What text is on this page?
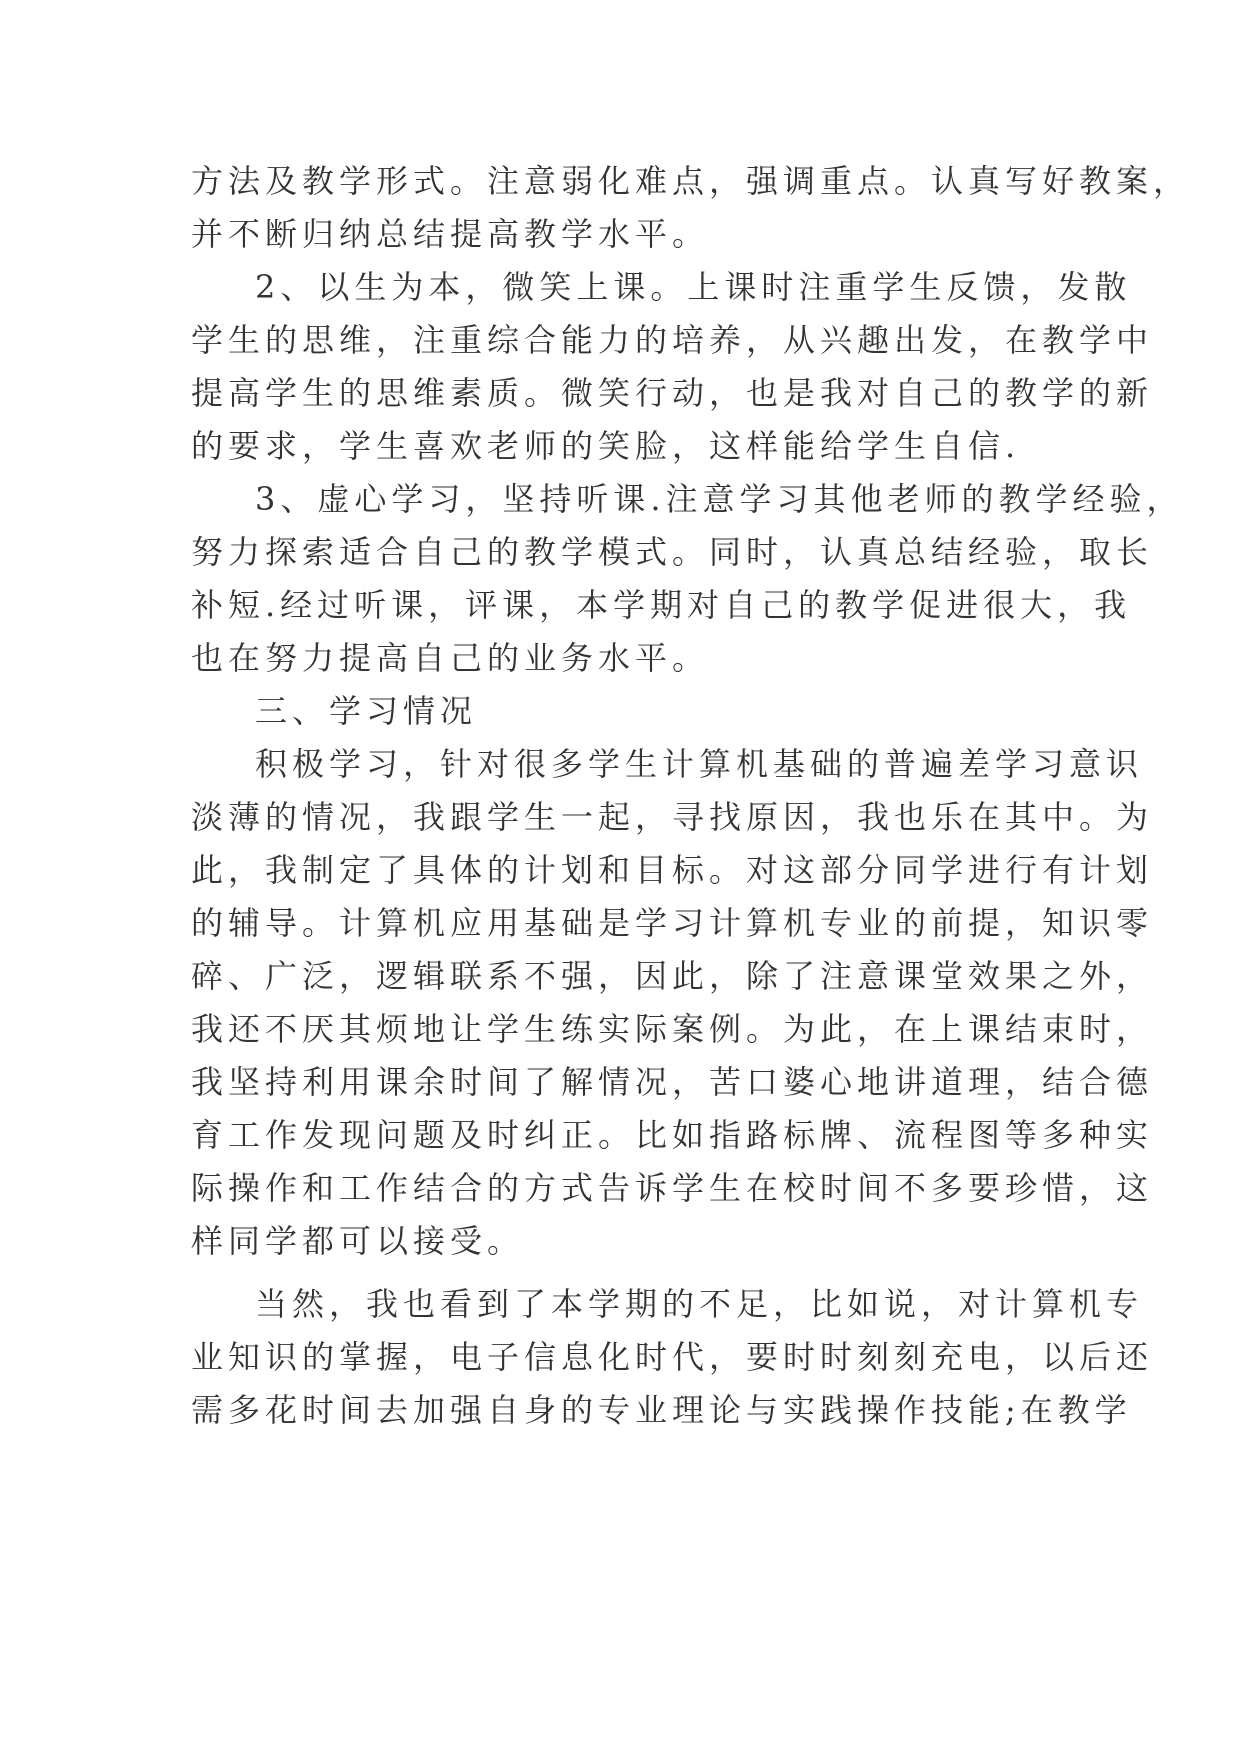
方法及教学形式。注意弱化难点，强调重点。认真写好教案，
并不断归纳总结提高教学水平。
2、以生为本，微笑上课。上课时注重学生反馈，发散
学生的思维，注重综合能力的培养，从兴趣出发，在教学中
提高学生的思维素质。微笑行动，也是我对自己的教学的新
的要求，学生喜欢老师的笑脸，这样能给学生自信.
3、虚心学习，坚持听课.注意学习其他老师的教学经验，
努力探索适合自己的教学模式。同时，认真总结经验，取长
补短.经过听课，评课，本学期对自己的教学促进很大，我
也在努力提高自己的业务水平。
三、学习情况
积极学习，针对很多学生计算机基础的普遍差学习意识
淡薄的情况，我跟学生一起，寻找原因，我也乐在其中。为
此，我制定了具体的计划和目标。对这部分同学进行有计划
的辅导。计算机应用基础是学习计算机专业的前提，知识零
碎、广泛，逻辑联系不强，因此，除了注意课堂效果之外，
我还不厌其烦地让学生练实际案例。为此，在上课结束时，
我坚持利用课余时间了解情况，苦口婆心地讲道理，结合德
育工作发现问题及时纠正。比如指路标牌、流程图等多种实
际操作和工作结合的方式告诉学生在校时间不多要珍惜，这
样同学都可以接受。
当然，我也看到了本学期的不足，比如说，对计算机专
业知识的掌握，电子信息化时代，要时时刻刻充电，以后还
需多花时间去加强自身的专业理论与实践操作技能;在教学
